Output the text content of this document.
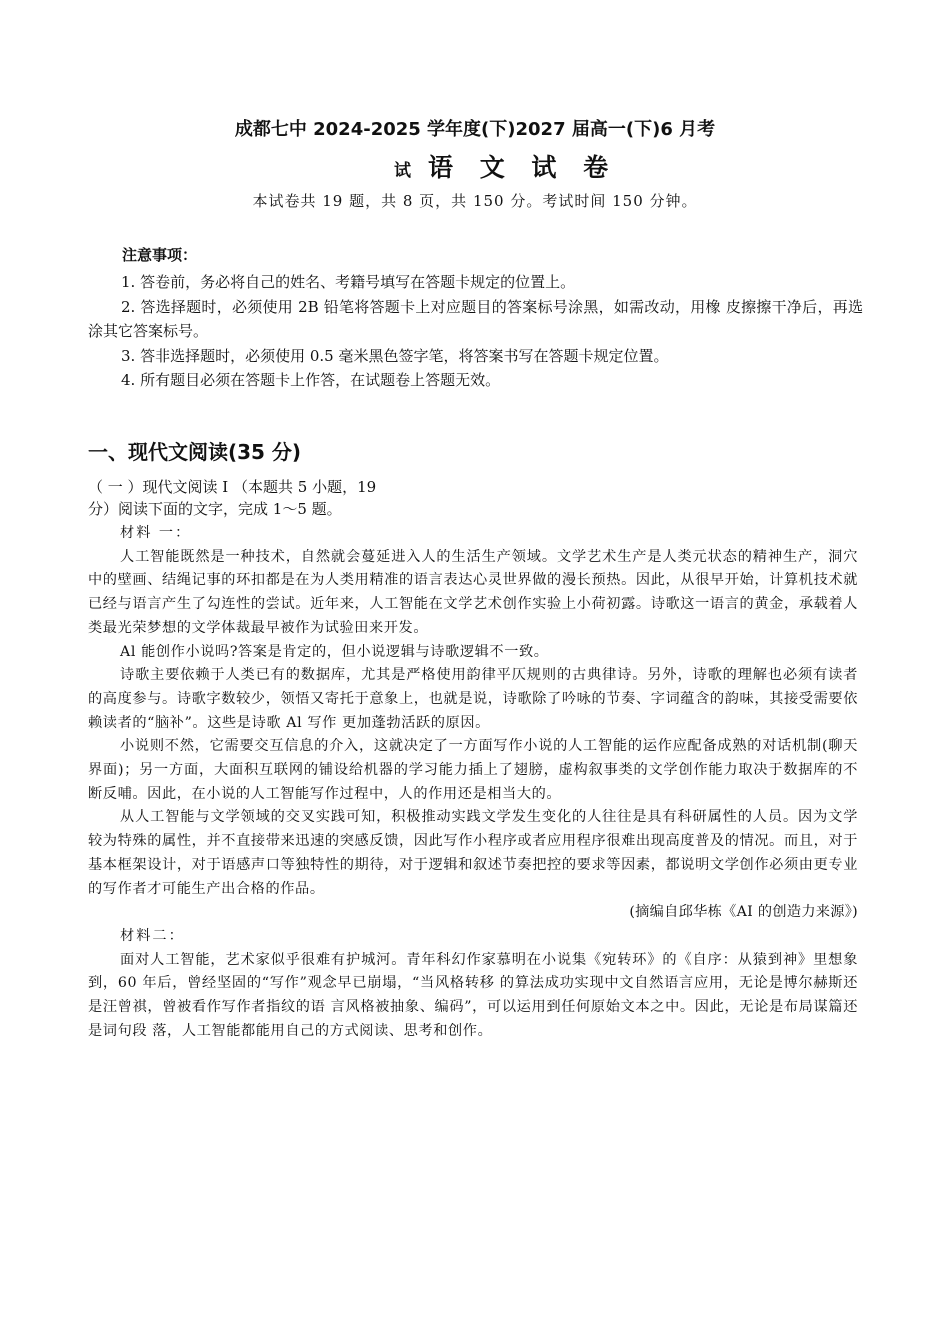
成都七中 2024-2025 学年度(下)2027 届高一(下)6 月考
试 语 文 试 卷
本试卷共 19 题，共 8 页，共 150 分。考试时间 150 分钟。
注意事项：

1. 答卷前，务必将自己的姓名、考籍号填写在答题卡规定的位置上。

2. 答选择题时，必须使用 2B 铅笔将答题卡上对应题目的答案标号涂黑，如需改动，用橡 皮擦擦干净后，再选涂其它答案标号。

3. 答非选择题时，必须使用 0.5 毫米黑色签字笔，将答案书写在答题卡规定位置。

4. 所有题目必须在答题卡上作答，在试题卷上答题无效。

一、现代文阅读(35 分)

（ 一 ）现代文阅读 I （本题共 5 小题，19

分）阅读下面的文字，完成 1～5 题。

材料 一：

人工智能既然是一种技术，自然就会蔓延进入人的生活生产领域。文学艺术生产是人类元状态的精神生产，洞穴中的壁画、结绳记事的环扣都是在为人类用精准的语言表达心灵世界做的漫长预热。因此，从很早开始，计算机技术就已经与语言产生了勾连性的尝试。近年来，人工智能在文学艺术创作实验上小荷初露。诗歌这一语言的黄金，承载着人类最光荣梦想的文学体裁最早被作为试验田来开发。

Al 能创作小说吗?答案是肯定的，但小说逻辑与诗歌逻辑不一致。

诗歌主要依赖于人类已有的数据库，尤其是严格使用韵律平仄规则的古典律诗。另外，诗歌的理解也必须有读者的高度参与。诗歌字数较少，领悟又寄托于意象上，也就是说，诗歌除了吟咏的节奏、字词蕴含的韵味，其接受需要依赖读者的“脑补”。这些是诗歌 Al 写作 更加蓬勃活跃的原因。

小说则不然，它需要交互信息的介入，这就决定了一方面写作小说的人工智能的运作应配备成熟的对话机制(聊天界面)；另一方面，大面积互联网的铺设给机器的学习能力插上了翅膀，虚构叙事类的文学创作能力取决于数据库的不断反哺。因此，在小说的人工智能写作过程中，人的作用还是相当大的。

从人工智能与文学领域的交叉实践可知，积极推动实践文学发生变化的人往往是具有科研属性的人员。因为文学较为特殊的属性，并不直接带来迅速的突感反馈，因此写作小程序或者应用程序很难出现高度普及的情况。而且，对于基本框架设计，对于语感声口等独特性的期待，对于逻辑和叙述节奏把控的要求等因素，都说明文学创作必须由更专业的写作者才可能生产出合格的作品。

(摘编自邱华栋《AI 的创造力来源》)

材料二：

面对人工智能，艺术家似乎很难有护城河。青年科幻作家慕明在小说集《宛转环》的《自序：从猿到神》里想象到，60 年后，曾经坚固的“写作”观念早已崩塌，“当风格转移 的算法成功实现中文自然语言应用，无论是博尔赫斯还是汪曾祺，曾被看作写作者指纹的语 言风格被抽象、编码”，可以运用到任何原始文本之中。因此，无论是布局谋篇还是词句段 落，人工智能都能用自己的方式阅读、思考和创作。
